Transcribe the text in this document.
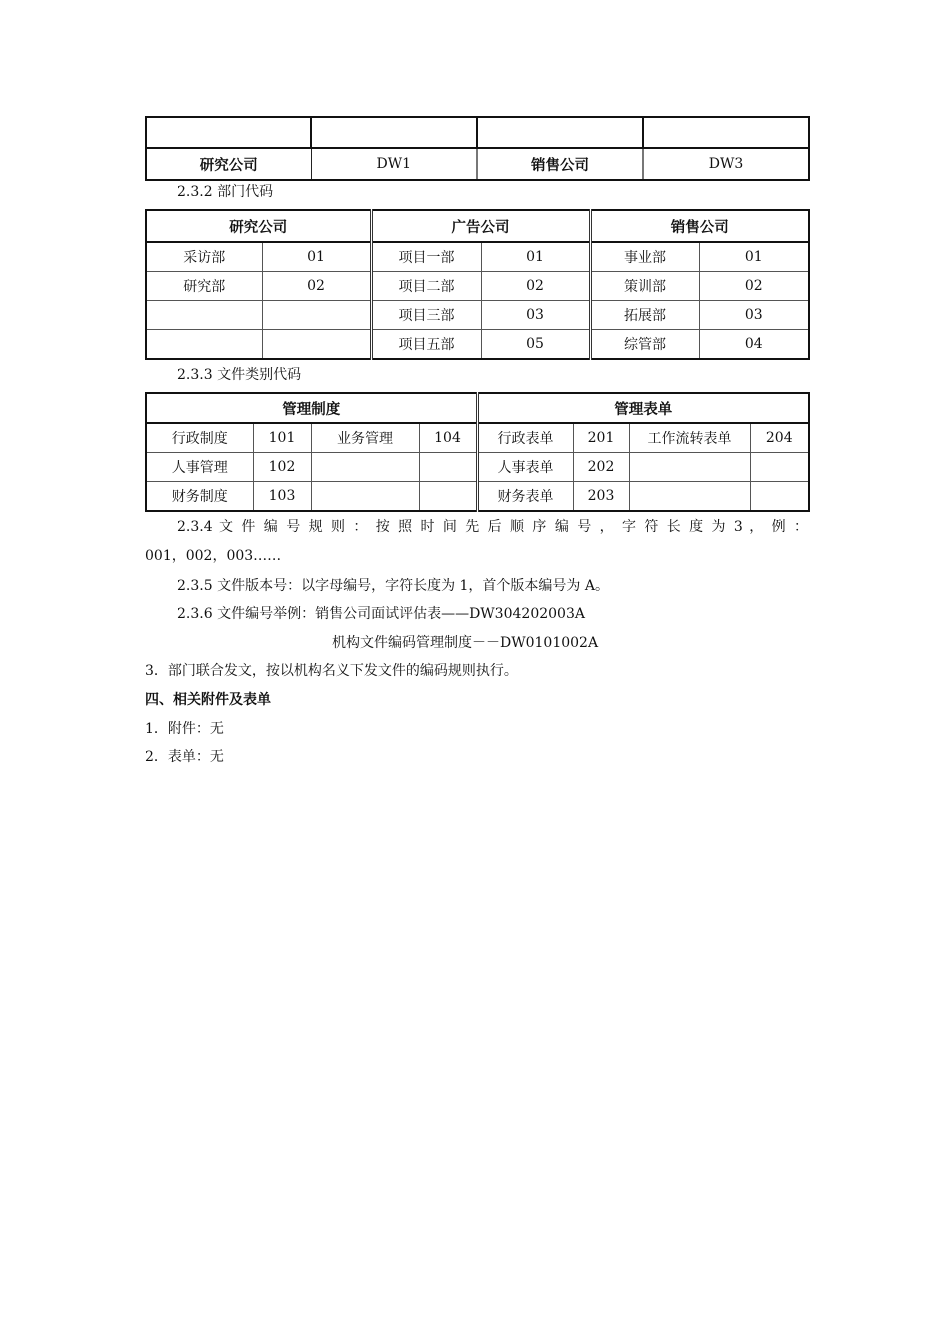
研究公司	DW1	销售公司	DW3
2.3.2 部门代码
研究公司		广告公司		销售公司	
采访部	01	项目一部	01	事业部	01
研究部	02	项目二部	02	策训部	02
		项目三部	03	拓展部	03
		项目五部	05	综管部	04
2.3.3 文件类别代码
管理制度				管理表单			
行政制度	101	业务管理	104	行政表单	201	工作流转表单	204
人事管理	102			人事表单	202		
财务制度	103			财务表单	203		
2.3.4 文 件 编 号 规 则 ： 按 照 时 间 先 后 顺 序 编 号 ， 字 符 长 度 为 3 ， 例 ：
001，002，003……
2.3.5 文件版本号：以字母编号，字符长度为 1，首个版本编号为 A。
2.3.6 文件编号举例：销售公司面试评估表——DW304202003A
机构文件编码管理制度－－DW0101002A
3．部门联合发文，按以机构名义下发文件的编码规则执行。
四、相关附件及表单
1．附件：无
2．表单：无
